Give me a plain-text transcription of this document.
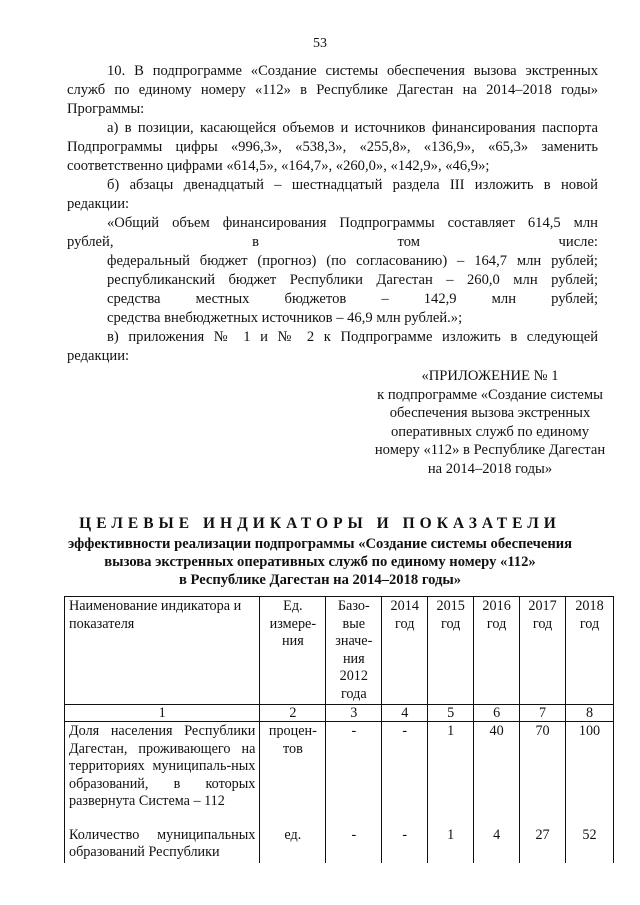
53
10. В подпрограмме «Создание системы обеспечения вызова экстренных
служб по единому номеру «112» в Республике Дагестан на 2014–2018 годы»
Программы:
а) в позиции, касающейся объемов и источников финансирования паспорта
Подпрограммы цифры «996,3», «538,3», «255,8», «136,9», «65,3» заменить
соответственно цифрами «614,5», «164,7», «260,0», «142,9», «46,9»;
б) абзацы двенадцатый – шестнадцатый раздела III изложить в новой
редакции:
«Общий объем финансирования Подпрограммы составляет 614,5 млн
рублей, в том числе: федеральный бюджет (прогноз) (по согласованию) – 164,7 млн рублей; республиканский бюджет Республики Дагестан – 260,0 млн рублей; средства местных бюджетов – 142,9 млн рублей; средства внебюджетных источников – 46,9 млн рублей.»;
в) приложения № 1 и № 2 к Подпрограмме изложить в следующей
редакции:
«ПРИЛОЖЕНИЕ № 1
к подпрограмме «Создание системы
обеспечения вызова экстренных
оперативных служб по единому
номеру «112» в Республике Дагестан
на 2014–2018 годы»
ЦЕЛЕВЫЕ ИНДИКАТОРЫ И ПОКАЗАТЕЛИ
эффективности реализации подпрограммы «Создание системы обеспечения
вызова экстренных оперативных служб по единому номеру «112»
в Республике Дагестан на 2014–2018 годы»
Наименование индикатора и показателя	Ед. измере-ния	Базо-вые значе-ния 2012 года	2014 год	2015 год	2016 год	2017 год	2018 год
1	2	3	4	5	6	7	8
Доля населения Республики Дагестан, проживающего на территориях муниципаль-ных образований, в которых развернута Система – 112	процен-тов	-	-	1	40	70	100
Количество муниципальных образований Республики	ед.	-	-	1	4	27	52
